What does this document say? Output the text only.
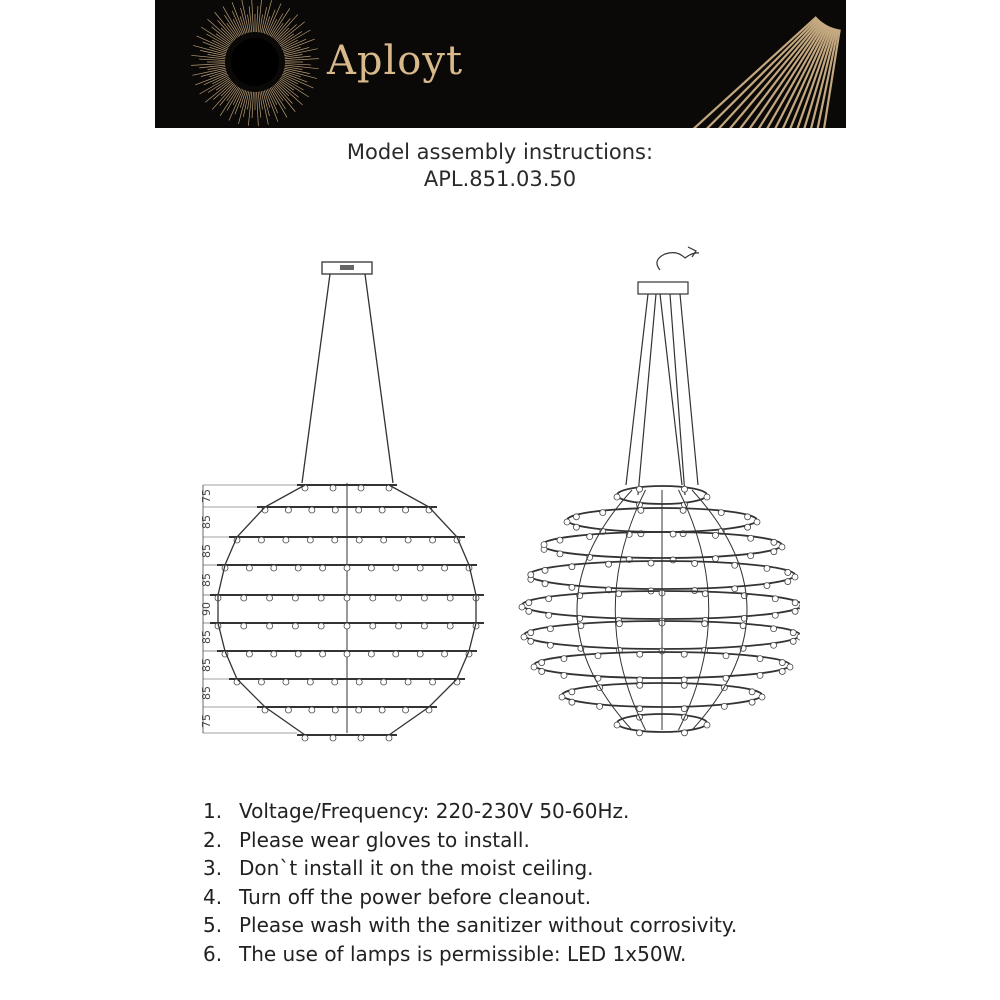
Aployt
Model assembly instructions:
APL.851.03.50
75
85
85
85
90
85
85
85
75
1. Voltage/Frequency: 220-230V 50-60Hz.
2. Please wear gloves to install.
3. Don`t install it on the moist ceiling.
4. Turn off the power before cleanout.
5. Please wash with the sanitizer without corrosivity.
6. The use of lamps is permissible: LED 1x50W.
